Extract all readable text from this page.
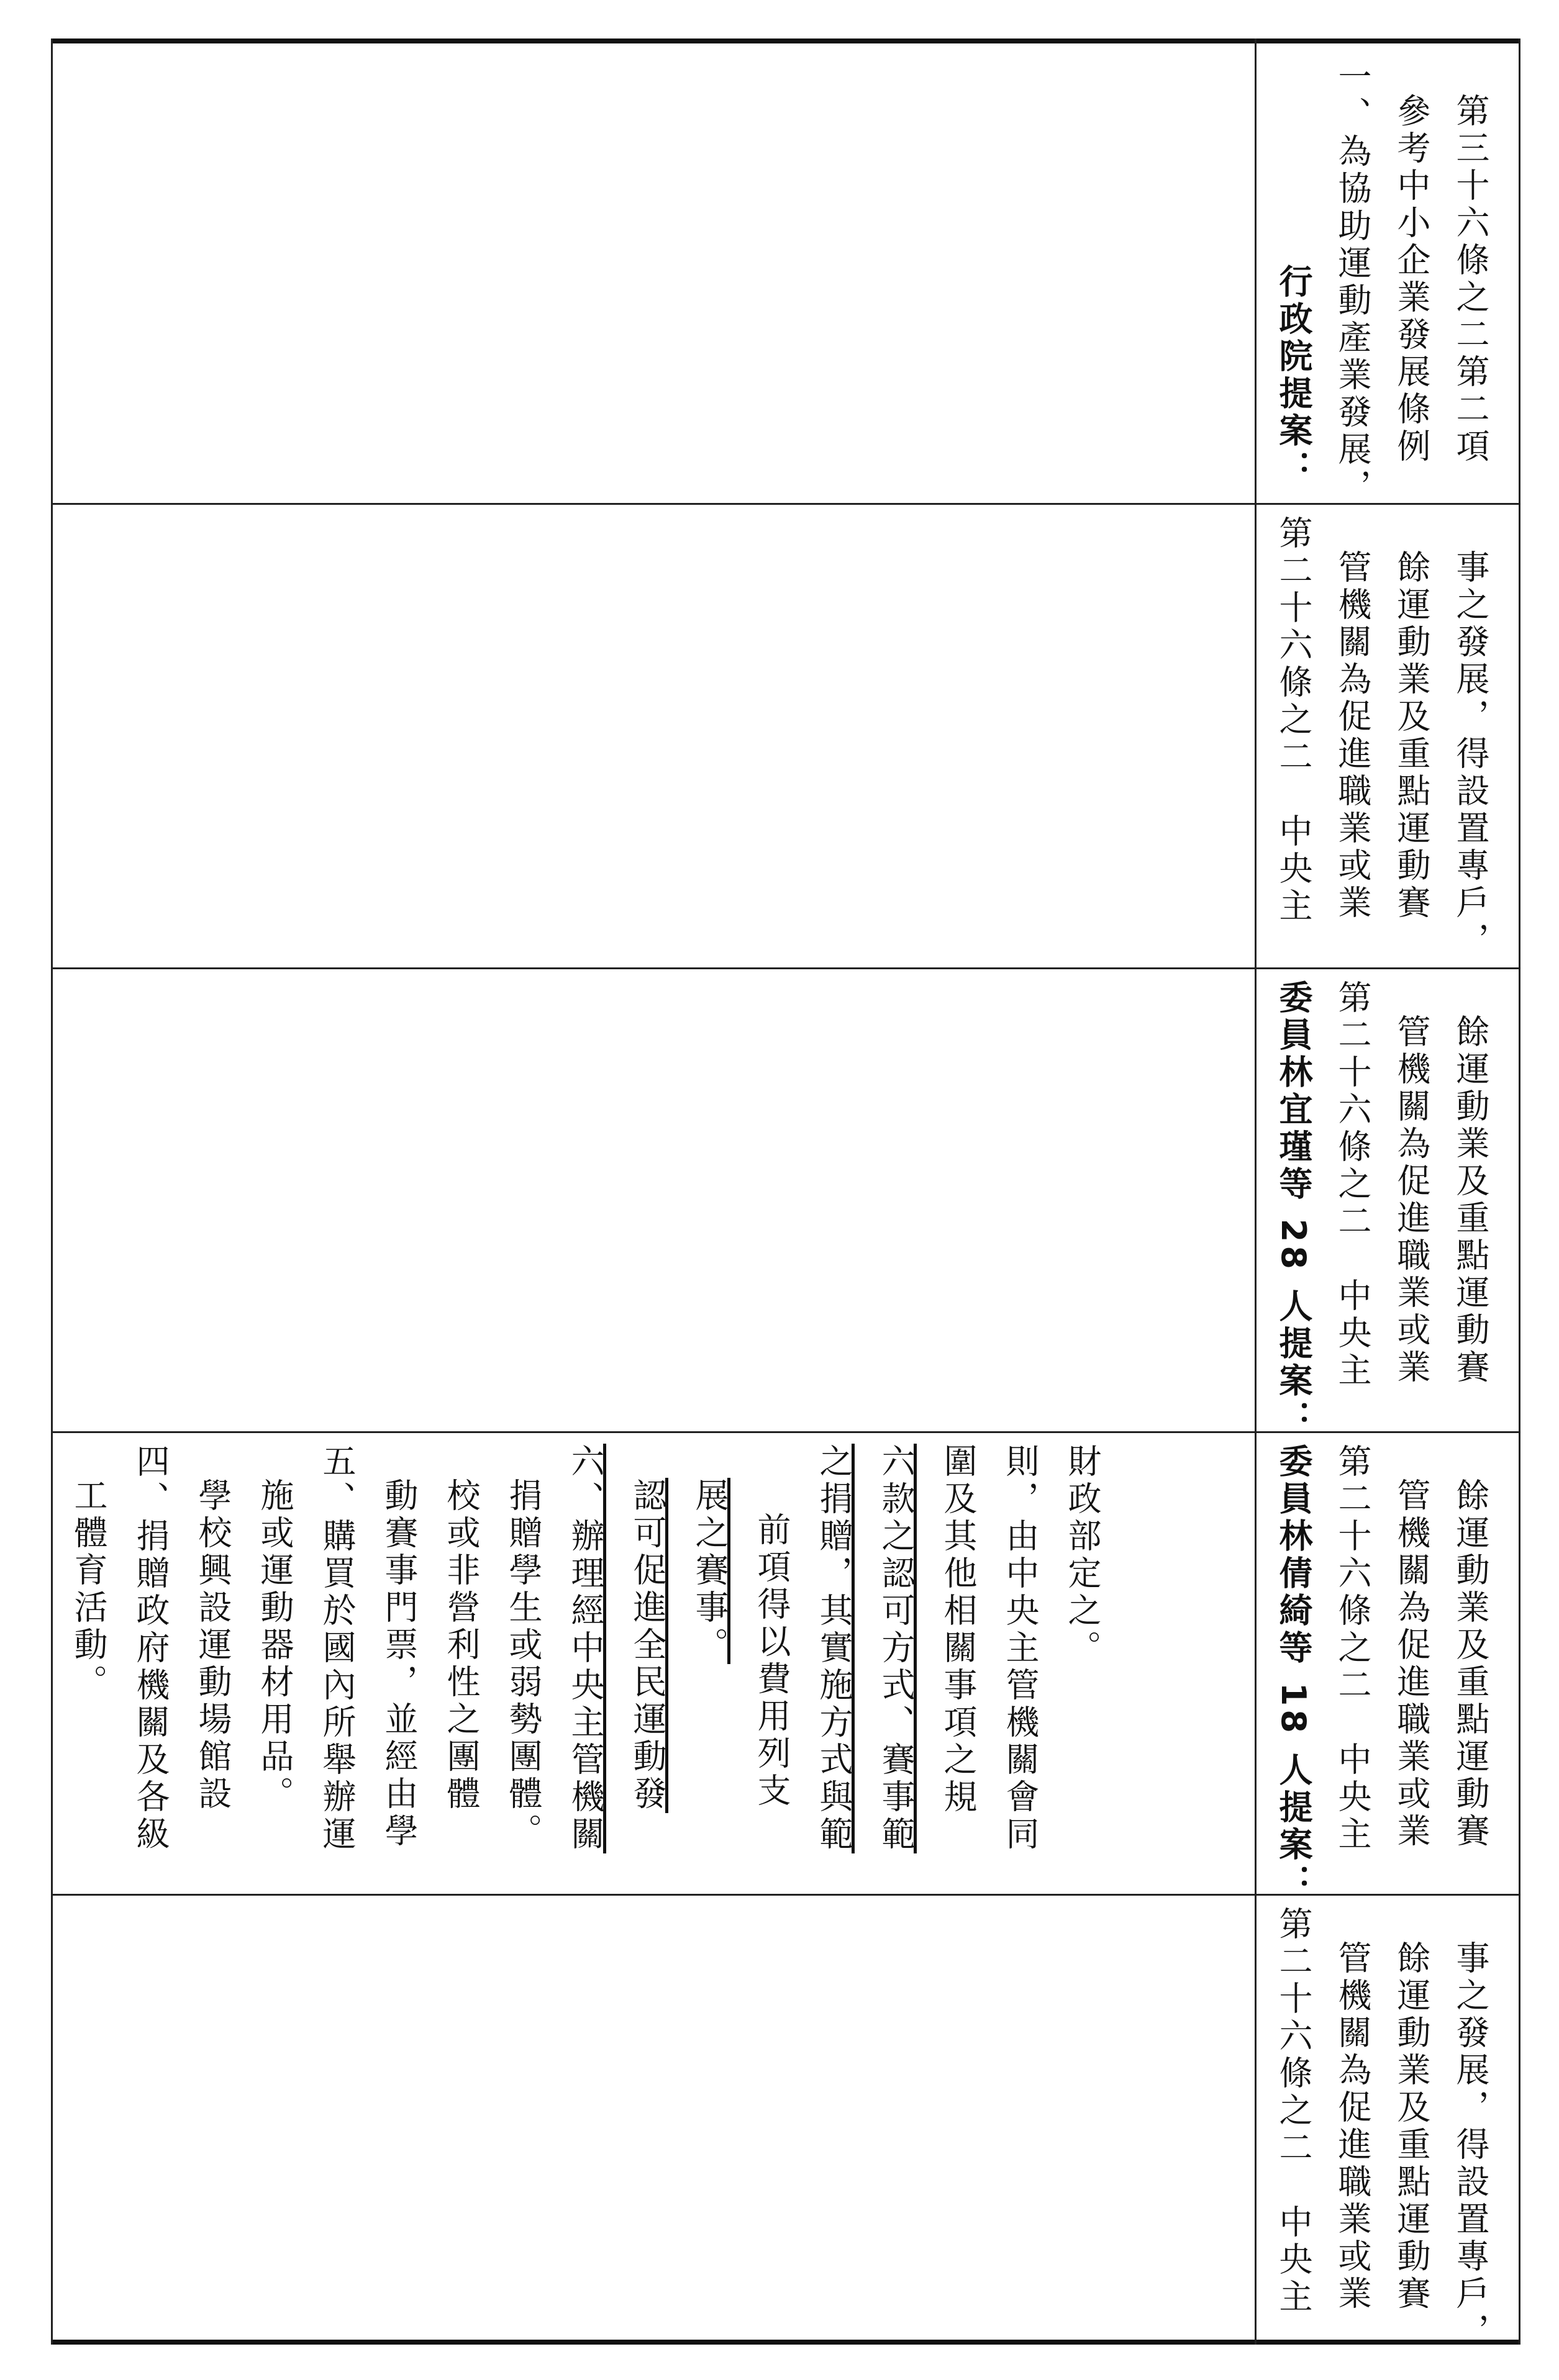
行政院提案： 一、為協助運動產業發展， 參考中小企業發展條例 第三十六條之二第二項
第二十六條之二　中央主 管機關為促進職業或業 餘運動業及重點運動賽 事之發展，得設置專戶，
委員林宜瑾等 28 人提案： 第二十六條之二　中央主 管機關為促進職業或業 餘運動業及重點運動賽
委員林倩綺等 18 人提案： 第二十六條之二　中央主 管機關為促進職業或業 餘運動業及重點運動賽
工體育活動。 四、捐贈政府機關及各級 學校興設運動場館設 施或運動器材用品。 五、購買於國內所舉辦運 動賽事門票，並經由學 校或非營利性之團體 捐贈學生或弱勢團體。 六、辦理經中央主管機關 認可促進全民運動發 展之賽事。 前項得以費用列支 之捐贈，其實施方式與範 六款之認可方式、賽事範 圍及其他相關事項之規 則，由中央主管機關會同 財政部定之。
第二十六條之二　中央主 管機關為促進職業或業 餘運動業及重點運動賽 事之發展，得設置專戶，
